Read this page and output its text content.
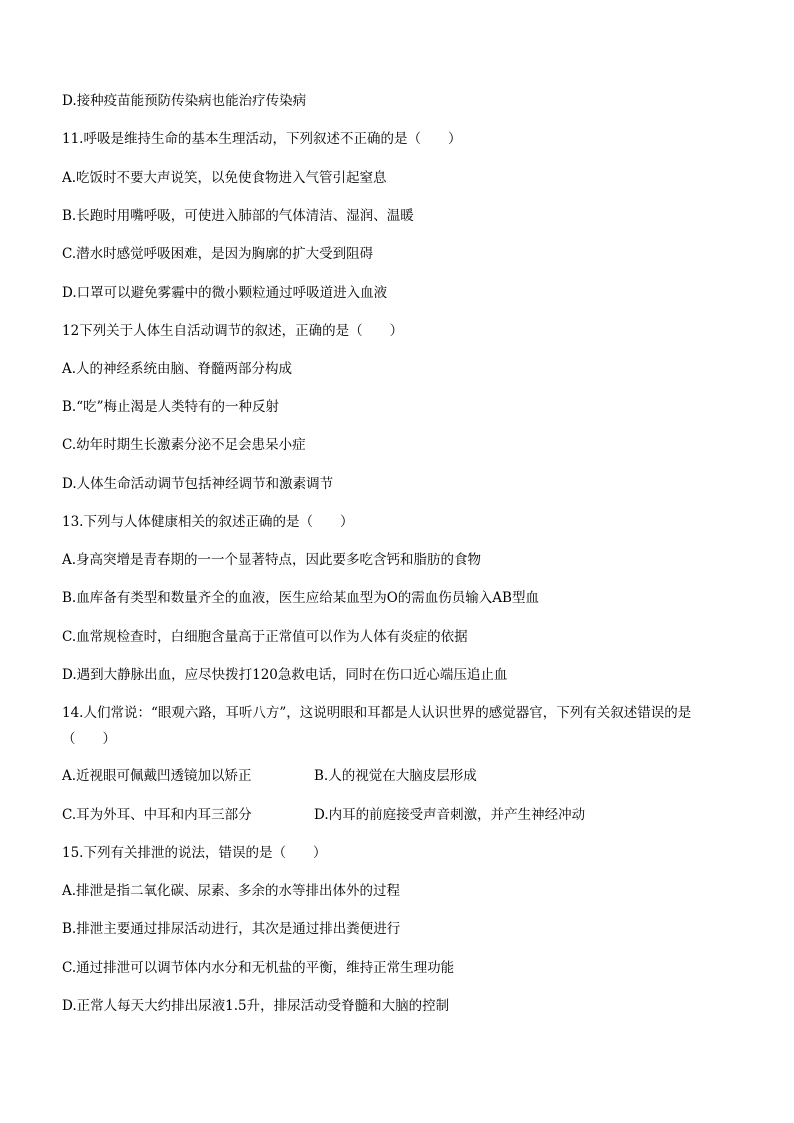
D.接种疫苗能预防传染病也能治疗传染病
11.呼吸是维持生命的基本生理活动，下列叙述不正确的是（　　）
A.吃饭时不要大声说笑，以免使食物进入气管引起窒息
B.长跑时用嘴呼吸，可使进入肺部的气体清洁、湿润、温暖
C.潜水时感觉呼吸困难，是因为胸廓的扩大受到阻碍
D.口罩可以避免雾霾中的微小颗粒通过呼吸道进入血液
12下列关于人体生自活动调节的叙述，正确的是（　　）
A.人的神经系统由脑、脊髓两部分构成
B.“吃”梅止渴是人类特有的一种反射
C.幼年时期生长激素分泌不足会患呆小症
D.人体生命活动调节包括神经调节和激素调节
13.下列与人体健康相关的叙述正确的是（　　）
A.身高突增是青春期的一一个显著特点，因此要多吃含钙和脂肪的食物
B.血库备有类型和数量齐全的血液，医生应给某血型为O的需血伤员输入AB型血
C.血常规检查时，白细胞含量高于正常值可以作为人体有炎症的依据
D.遇到大静脉出血，应尽快拨打120急救电话，同时在伤口近心端压追止血
14.人们常说：“眼观六路，耳听八方”，这说明眼和耳都是人认识世界的感觉器官，下列有关叙述错误的是（　　）
A.近视眼可佩戴凹透镜加以矫正	B.人的视觉在大脑皮层形成
C.耳为外耳、中耳和内耳三部分	D.内耳的前庭接受声音刺激，并产生神经冲动
15.下列有关排泄的说法，错误的是（　　）
A.排泄是指二氧化碳、尿素、多余的水等排出体外的过程
B.排泄主要通过排尿活动进行，其次是通过排出粪便进行
C.通过排泄可以调节体内水分和无机盐的平衡，维持正常生理功能
D.正常人每天大约排出尿液1.5升，排尿活动受脊髓和大脑的控制
